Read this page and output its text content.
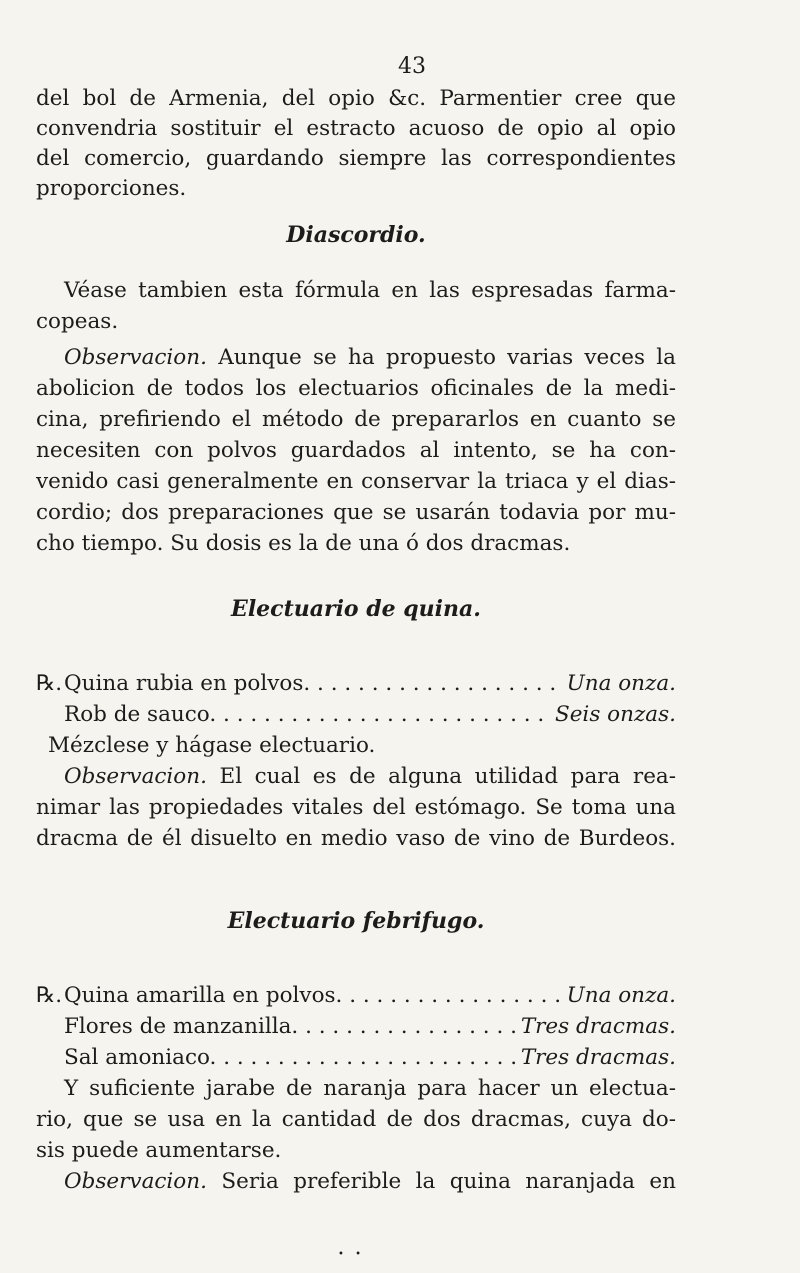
43
del bol de Armenia, del opio &c. Parmentier cree que
convendria sostituir el estracto acuoso de opio al opio
del comercio, guardando siempre las correspondientes
proporciones.
Diascordio.
Véase tambien esta fórmula en las espresadas farma-
copeas.
Observacion. Aunque se ha propuesto varias veces la
abolicion de todos los electuarios oficinales de la medi-
cina, prefiriendo el método de prepararlos en cuanto se
necesiten con polvos guardados al intento, se ha con-
venido casi generalmente en conservar la triaca y el dias-
cordio; dos preparaciones que se usarán todavia por mu-
cho tiempo. Su dosis es la de una ó dos dracmas.
Electuario de quina.
℞. Quina rubia en polvos. . . .	Una onza.
Rob de sauco. . . .	Seis onzas.
Mézclese y hágase electuario.
Observacion. El cual es de alguna utilidad para rea-
nimar las propiedades vitales del estómago. Se toma una
dracma de él disuelto en medio vaso de vino de Burdeos.
Electuario febrifugo.
℞. Quina amarilla en polvos. . . .	Una onza.
Flores de manzanilla. . . .	Tres dracmas.
Sal amoniaco. . . .	Tres dracmas.
Y suficiente jarabe de naranja para hacer un electua-
rio, que se usa en la cantidad de dos dracmas, cuya do-
sis puede aumentarse.
Observacion. Seria preferible la quina naranjada en
• •
